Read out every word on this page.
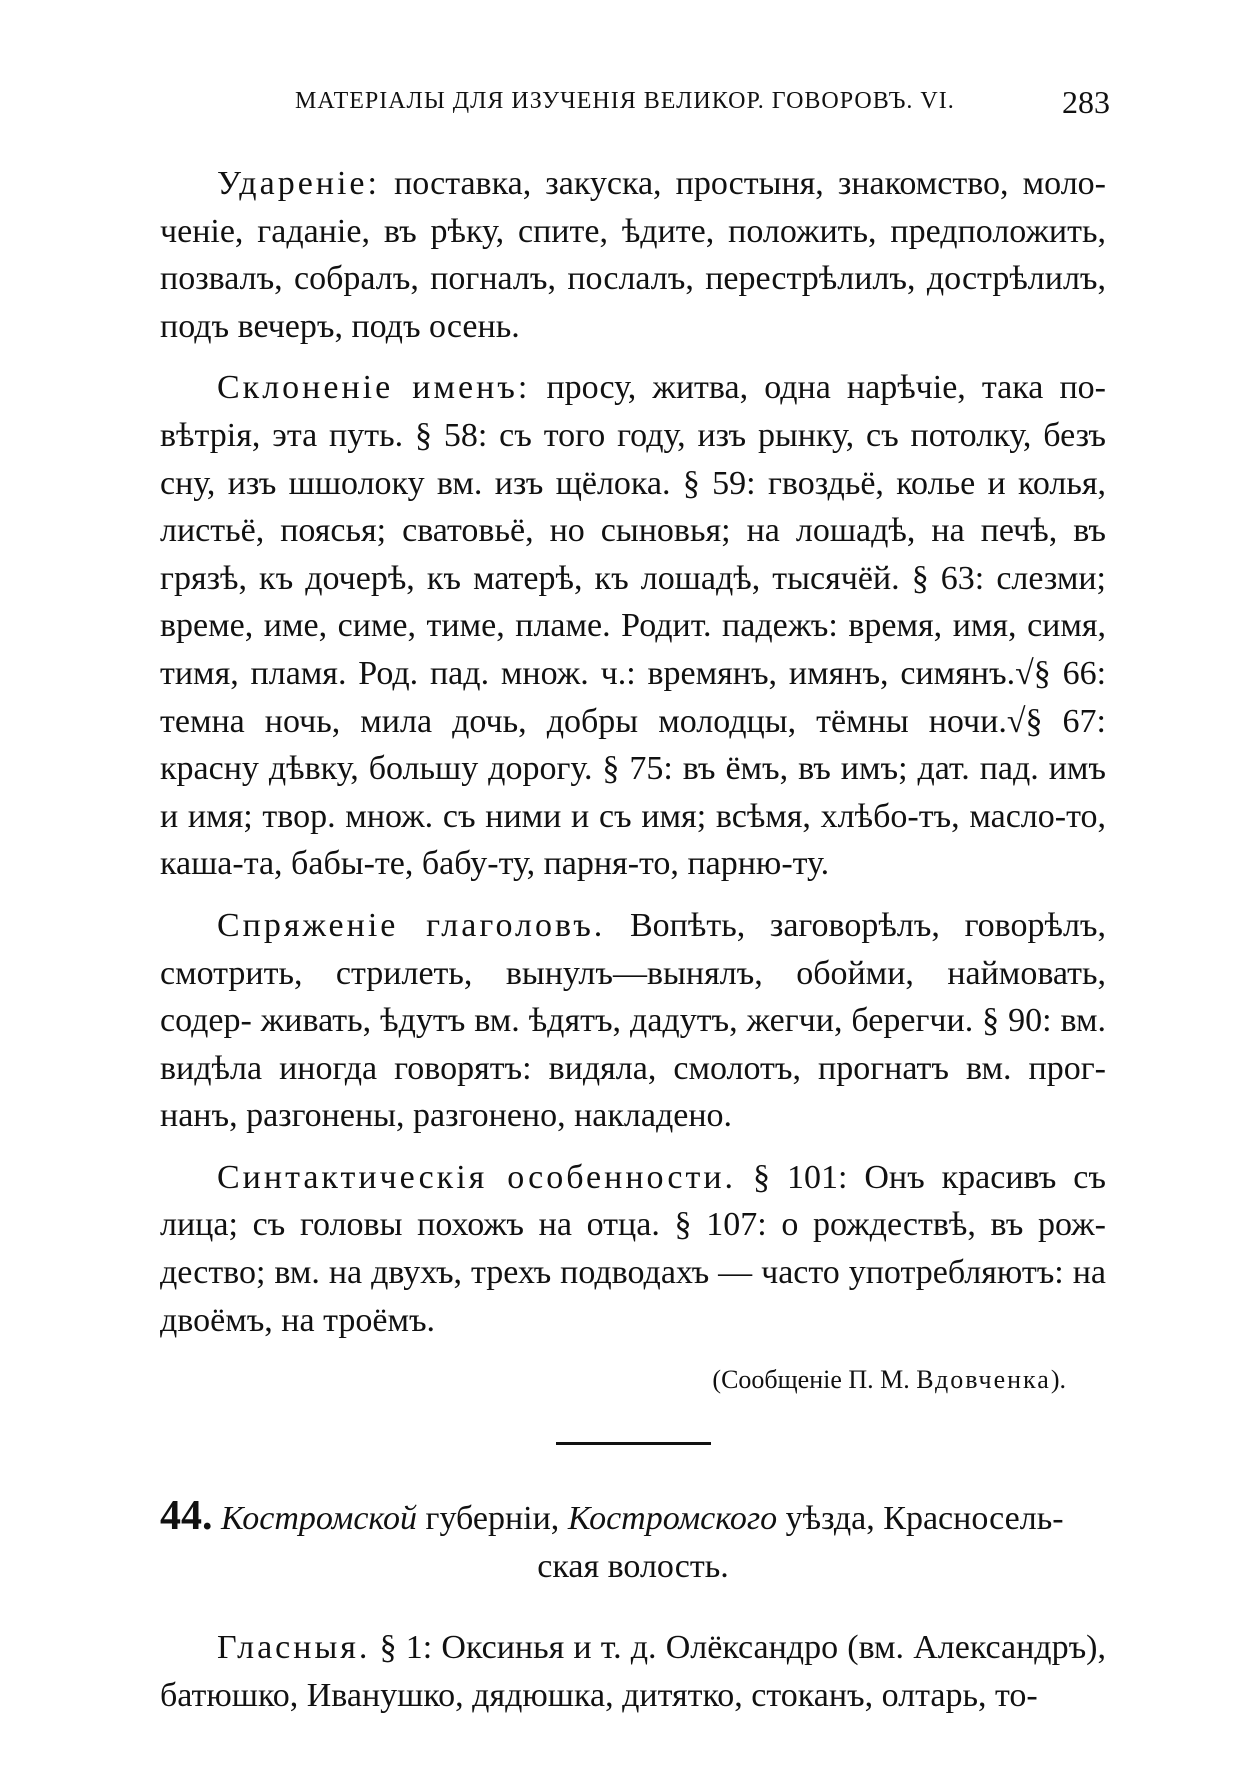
МАТЕРІАЛЫ ДЛЯ ИЗУЧЕНІЯ ВЕЛИКОР. ГОВОРОВЪ. VI.	283

Удареніе: поставка, закуска, простыня, знакомство, моло- ченіе, гаданіе, въ рѣку, спите, ѣдите, положить, предположить, позвалъ, собралъ, погналъ, послалъ, перестрѣлилъ, дострѣлилъ, подъ вечеръ, подъ осень.

Склоненіе именъ: просу, житва, одна нарѣчіе, така по- вѣтрія, эта путь. § 58: съ того году, изъ рынку, съ потолку, безъ сну, изъ шшолоку вм. изъ щёлока. § 59: гвоздьё, колье и колья, листьё, поясья; сватовьё, но сыновья; на лошадѣ, на печѣ, въ грязѣ, къ дочерѣ, къ матерѣ, къ лошадѣ, тысячёй. § 63: слезми; време, име, симе, тиме, пламе. Родит. падежъ: время, имя, симя, тимя, пламя. Род. пад. множ. ч.: времянъ, имянъ, симянъ.√§ 66: темна ночь, мила дочь, добры молодцы, тёмны ночи.√§ 67: красну дѣвку, большу дорогу. § 75: въ ёмъ, въ имъ; дат. пад. имъ и имя; твор. множ. съ ними и съ имя; всѣмя, хлѣбо-тъ, масло-то, каша-та, бабы-те, бабу-ту, парня-то, парню-ту.

Спряженіе глаголовъ. Вопѣть, заговорѣлъ, говорѣлъ, смотрить, стрилеть, вынулъ—вынялъ, обойми, наймовать, содер- живать, ѣдутъ вм. ѣдятъ, дадутъ, жегчи, берегчи. § 90: вм. видѣла иногда говорятъ: видяла, смолотъ, прогнатъ вм. прог- нанъ, разгонены, разгонено, накладено.

Синтактическія особенности. § 101: Онъ красивъ съ лица; съ головы похожъ на отца. § 107: о рождествѣ, въ рож- дество; вм. на двухъ, трехъ подводахъ — часто употребляютъ: на двоёмъ, на троёмъ.

(Сообщеніе П. М. Вдовченка).

44. Костромской губерніи, Костромского уѣзда, Красносель-

ская волость.

Гласныя. § 1: Оксинья и т. д. Олёксандро (вм. Александръ), батюшко, Иванушко, дядюшка, дитятко, стоканъ, олтарь, то-
